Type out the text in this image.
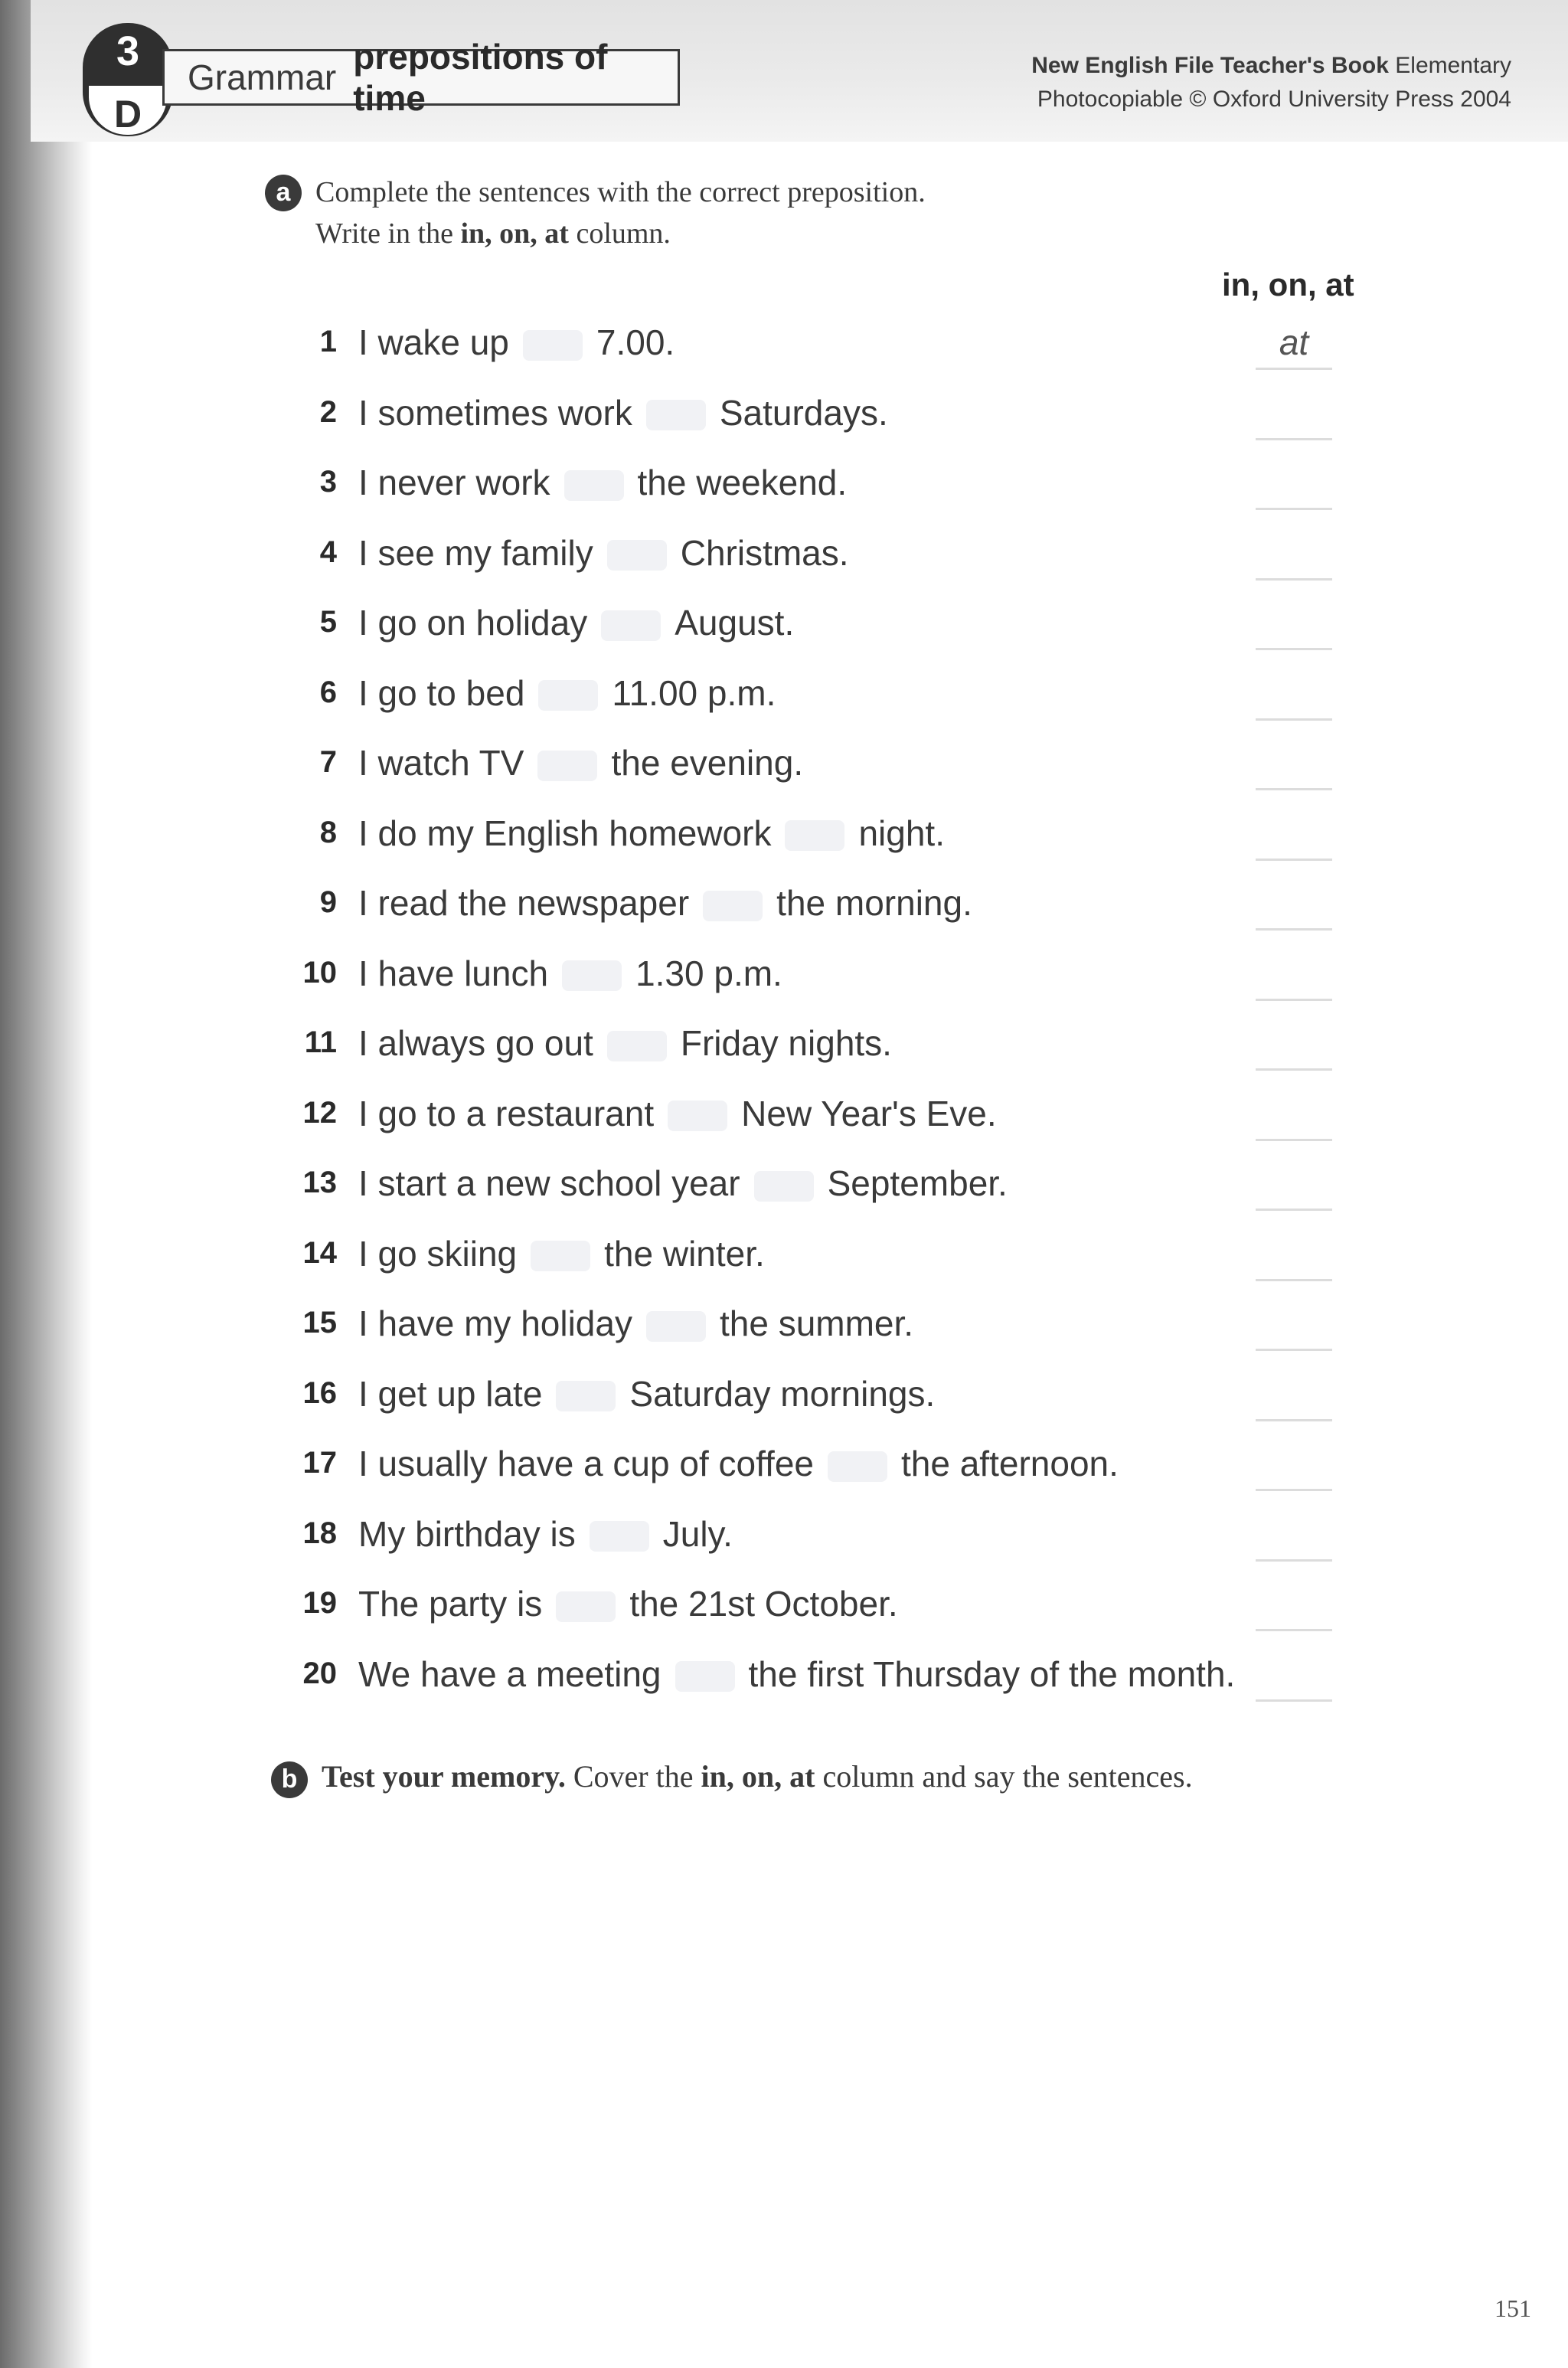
3
D
Grammar
prepositions of time
New English File Teacher's Book Elementary
Photocopiable © Oxford University Press 2004
a Complete the sentences with the correct preposition.
Write in the in, on, at column.
in, on, at
1 I wake up 7.00.	at
2 I sometimes work Saturdays.
3 I never work the weekend.
4 I see my family Christmas.
5 I go on holiday August.
6 I go to bed 11.00 p.m.
7 I watch TV the evening.
8 I do my English homework night.
9 I read the newspaper the morning.
10 I have lunch 1.30 p.m.
11 I always go out Friday nights.
12 I go to a restaurant New Year's Eve.
13 I start a new school year September.
14 I go skiing the winter.
15 I have my holiday the summer.
16 I get up late Saturday mornings.
17 I usually have a cup of coffee the afternoon.
18 My birthday is July.
19 The party is the 21st October.
20 We have a meeting the first Thursday of the month.
b Test your memory. Cover the in, on, at column and say the sentences.
151
